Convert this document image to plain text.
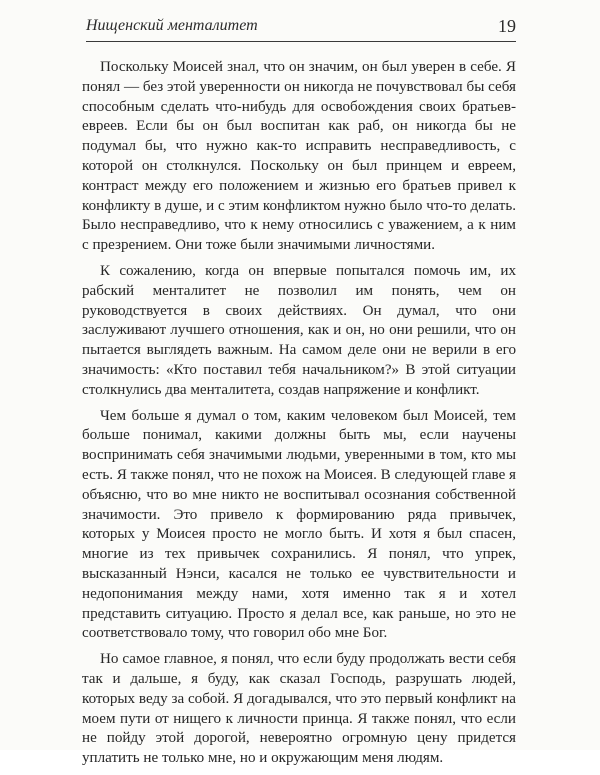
Нищенский менталитет	19

Поскольку Моисей знал, что он значим, он был уверен в себе. Я понял — без этой уверенности он никогда не почувствовал бы себя способным сделать что-нибудь для освобождения своих братьев-евреев. Если бы он был воспитан как раб, он никогда бы не подумал бы, что нужно как-то исправить несправедливость, с которой он столкнулся. Поскольку он был принцем и евреем, контраст между его положением и жизнью его братьев привел к конфликту в душе, и с этим конфликтом нужно было что-то делать. Было несправедливо, что к нему относились с уважением, а к ним с презрением. Они тоже были значимыми личностями.

К сожалению, когда он впервые попытался помочь им, их рабский менталитет не позволил им понять, чем он руководствуется в своих действиях. Он думал, что они заслуживают лучшего отношения, как и он, но они решили, что он пытается выглядеть важным. На самом деле они не верили в его значимость: «Кто поставил тебя начальником?» В этой ситуации столкнулись два менталитета, создав напряжение и конфликт.

Чем больше я думал о том, каким человеком был Моисей, тем больше понимал, какими должны быть мы, если научены воспринимать себя значимыми людьми, уверенными в том, кто мы есть. Я также понял, что не похож на Моисея. В следующей главе я объясню, что во мне никто не воспитывал осознания собственной значимости. Это привело к формированию ряда привычек, которых у Моисея просто не могло быть. И хотя я был спасен, многие из тех привычек сохранились. Я понял, что упрек, высказанный Нэнси, касался не только ее чувствительности и недопонимания между нами, хотя именно так я и хотел представить ситуацию. Просто я делал все, как раньше, но это не соответствовало тому, что говорил обо мне Бог.

Но самое главное, я понял, что если буду продолжать вести себя так и дальше, я буду, как сказал Господь, разрушать людей, которых веду за собой. Я догадывался, что это первый конфликт на моем пути от нищего к личности принца. Я также понял, что если не пойду этой дорогой, невероятно огромную цену придется уплатить не только мне, но и окружающим меня людям.
